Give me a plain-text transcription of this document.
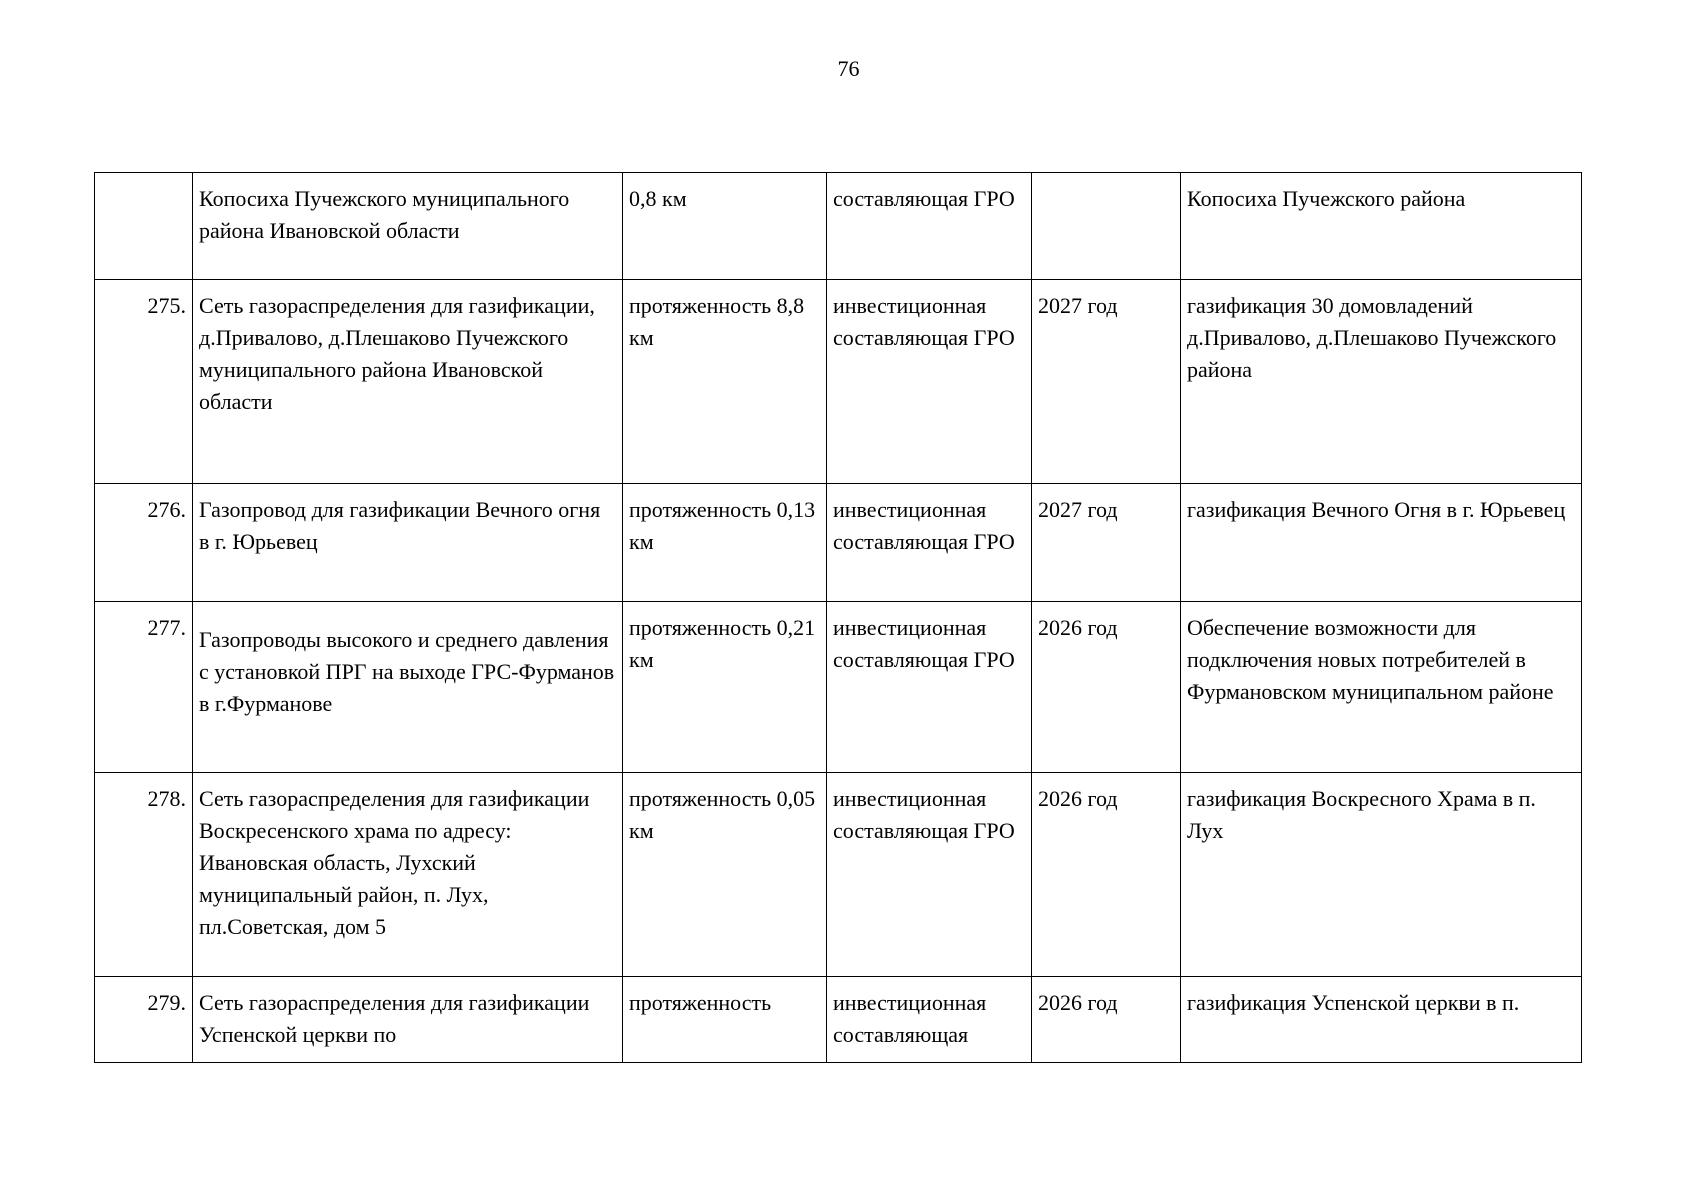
76
	Копосиха Пучежского муниципального района Ивановской области	0,8 км	составляющая ГРО		Копосиха Пучежского района
275.	Сеть газораспределения для газификации, д.Привалово, д.Плешаково Пучежского муниципального района Ивановской области	протяженность 8,8 км	инвестиционная составляющая ГРО	2027 год	газификация 30 домовладений д.Привалово, д.Плешаково Пучежского района
276.	Газопровод для газификации Вечного огня в г. Юрьевец	протяженность 0,13 км	инвестиционная составляющая ГРО	2027 год	газификация Вечного Огня в г. Юрьевец
277.	Газопроводы высокого и среднего давления с установкой ПРГ на выходе ГРС-Фурманов в г.Фурманове	протяженность 0,21 км	инвестиционная составляющая ГРО	2026 год	Обеспечение возможности для подключения новых потребителей в Фурмановском муниципальном районе
278.	Сеть газораспределения для газификации Воскресенского храма по адресу: Ивановская область, Лухский муниципальный район, п. Лух, пл.Советская, дом 5	протяженность 0,05 км	инвестиционная составляющая ГРО	2026 год	газификация Воскресного Храма в п. Лух
279.	Сеть газораспределения для газификации Успенской церкви по	протяженность	инвестиционная составляющая	2026 год	газификация Успенской церкви в п.
